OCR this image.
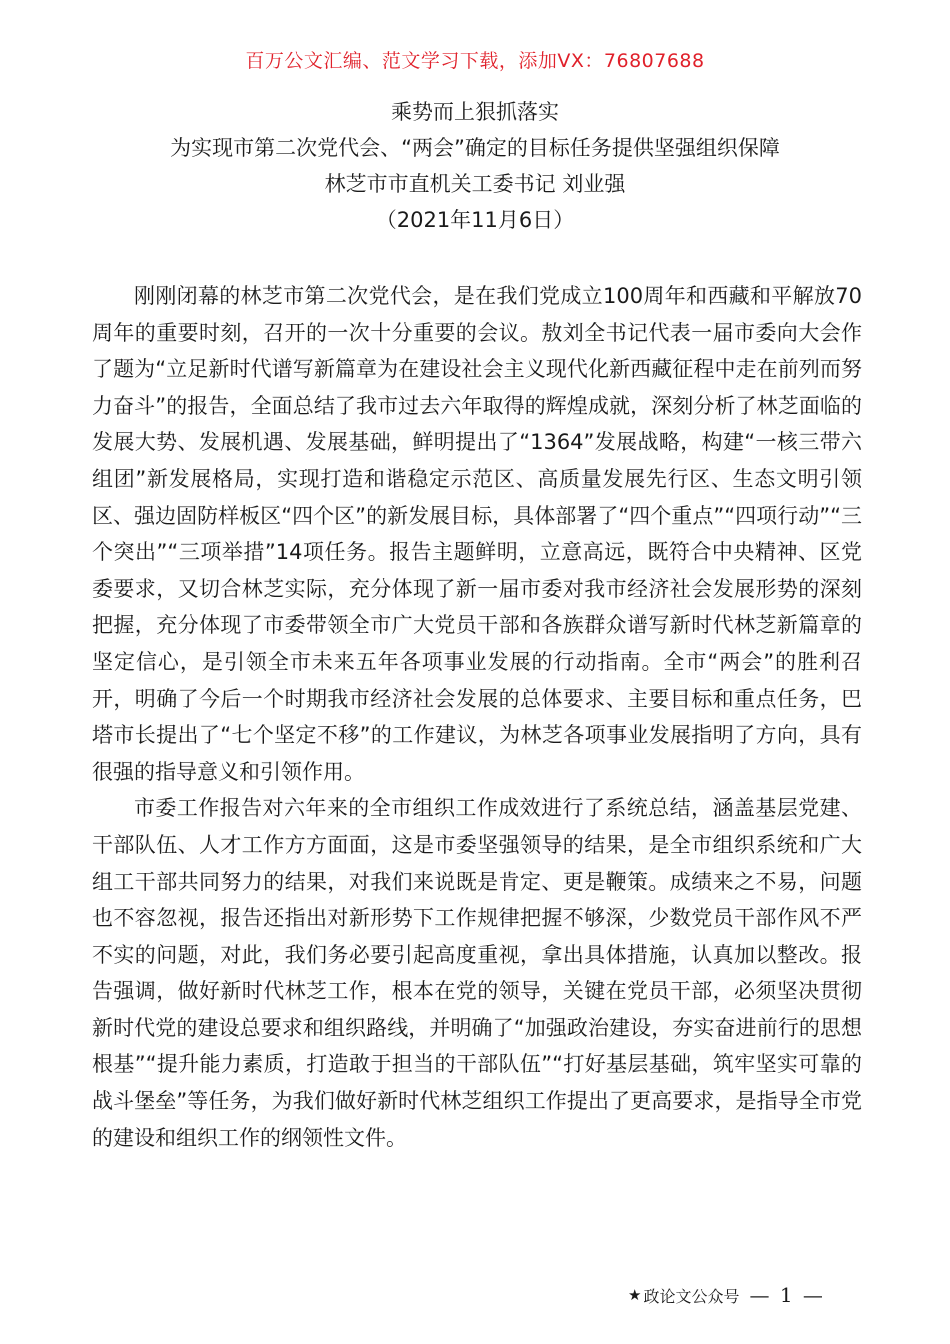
百万公文汇编、范文学习下载，添加VX：76807688
乘势而上狠抓落实
为实现市第二次党代会、“两会”确定的目标任务提供坚强组织保障
林芝市市直机关工委书记 刘业强
（2021年11月6日）

刚刚闭幕的林芝市第二次党代会，是在我们党成立100周年和西藏和平解放70周年的重要时刻，召开的一次十分重要的会议。敖刘全书记代表一届市委向大会作了题为“立足新时代谱写新篇章为在建设社会主义现代化新西藏征程中走在前列而努力奋斗”的报告，全面总结了我市过去六年取得的辉煌成就，深刻分析了林芝面临的发展大势、发展机遇、发展基础，鲜明提出了“1364”发展战略，构建“一核三带六组团”新发展格局，实现打造和谐稳定示范区、高质量发展先行区、生态文明引领区、强边固防样板区“四个区”的新发展目标，具体部署了“四个重点”“四项行动”“三个突出”“三项举措”14项任务。报告主题鲜明，立意高远，既符合中央精神、区党委要求，又切合林芝实际，充分体现了新一届市委对我市经济社会发展形势的深刻把握，充分体现了市委带领全市广大党员干部和各族群众谱写新时代林芝新篇章的坚定信心，是引领全市未来五年各项事业发展的行动指南。全市“两会”的胜利召开，明确了今后一个时期我市经济社会发展的总体要求、主要目标和重点任务，巴塔市长提出了“七个坚定不移”的工作建议，为林芝各项事业发展指明了方向，具有很强的指导意义和引领作用。

市委工作报告对六年来的全市组织工作成效进行了系统总结，涵盖基层党建、干部队伍、人才工作方方面面，这是市委坚强领导的结果，是全市组织系统和广大组工干部共同努力的结果，对我们来说既是肯定、更是鞭策。成绩来之不易，问题也不容忽视，报告还指出对新形势下工作规律把握不够深，少数党员干部作风不严不实的问题，对此，我们务必要引起高度重视，拿出具体措施，认真加以整改。报告强调，做好新时代林芝工作，根本在党的领导，关键在党员干部，必须坚决贯彻新时代党的建设总要求和组织路线，并明确了“加强政治建设，夯实奋进前行的思想根基”“提升能力素质，打造敢于担当的干部队伍”“打好基层基础，筑牢坚实可靠的战斗堡垒”等任务，为我们做好新时代林芝组织工作提出了更高要求，是指导全市党的建设和组织工作的纲领性文件。

★ 政论文公众号 — 1 —
